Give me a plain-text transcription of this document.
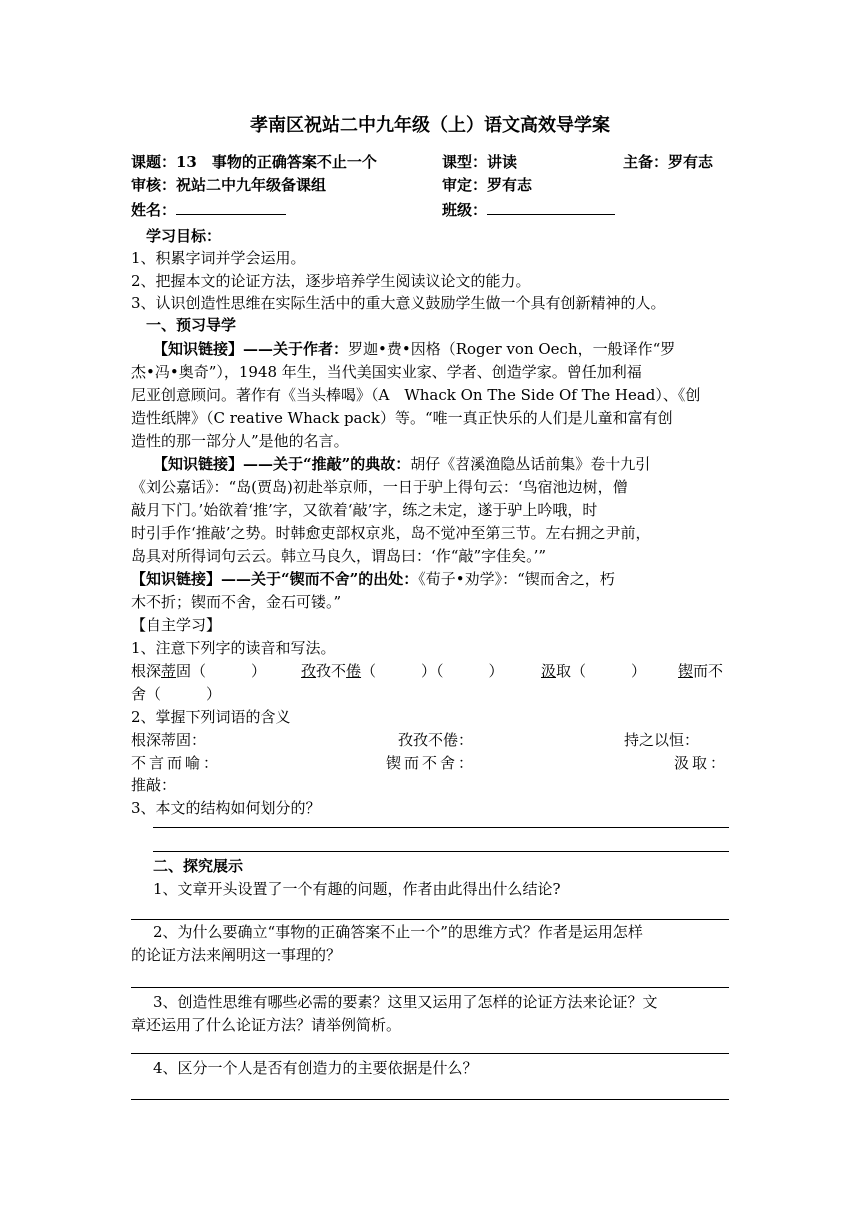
孝南区祝站二中九年级（上）语文高效导学案
课题：13　事物的正确答案不止一个	课型：讲读	主备：罗有志
审核：祝站二中九年级备课组	审定：罗有志
姓名：	班级：
学习目标：
1、积累字词并学会运用。
2、把握本文的论证方法，逐步培养学生阅读议论文的能力。
3、认识创造性思维在实际生活中的重大意义鼓励学生做一个具有创新精神的人。
一、预习导学
【知识链接】——关于作者：罗迦•费•因格（Roger von Oech，一般译作“罗
杰•冯•奥奇”），1948 年生，当代美国实业家、学者、创造学家。曾任加利福
尼亚创意顾问。著作有《当头棒喝》（A　Whack On The Side Of The Head）、《创
造性纸牌》（C reative Whack pack）等。“唯一真正快乐的人们是儿童和富有创
造性的那一部分人”是他的名言。
【知识链接】——关于“推敲”的典故：胡仔《苕溪渔隐丛话前集》卷十九引
《刘公嘉话》：“岛(贾岛)初赴举京师，一日于驴上得句云：‘鸟宿池边树，僧
敲月下门。’始欲着‘推’字，又欲着‘敲’字，练之未定，遂于驴上吟哦，时
时引手作‘推敲’之势。时韩愈吏部权京兆，岛不觉冲至第三节。左右拥之尹前，
岛具对所得词句云云。韩立马良久，谓岛曰：‘作“敲”字佳矣。’”
【知识链接】——关于“锲而不舍”的出处：《荀子•劝学》：“锲而舍之，朽
木不折；锲而不舍，金石可镂。”
【自主学习】
1、注意下列字的读音和写法。
根深蒂固（　　　） 孜孜不倦（　　　）（　　　） 汲取（　　　） 锲而不
舍（　　　）
2、掌握下列词语的含义
根深蒂固：	孜孜不倦：	持之以恒：
不言而喻：	锲而不舍：	汲取：
推敲：
3、本文的结构如何划分的？
二、探究展示
1、文章开头设置了一个有趣的问题，作者由此得出什么结论?
2、为什么要确立“事物的正确答案不止一个”的思维方式？作者是运用怎样
的论证方法来阐明这一事理的？
3、创造性思维有哪些必需的要素？这里又运用了怎样的论证方法来论证？文
章还运用了什么论证方法？请举例简析。
4、区分一个人是否有创造力的主要依据是什么？
